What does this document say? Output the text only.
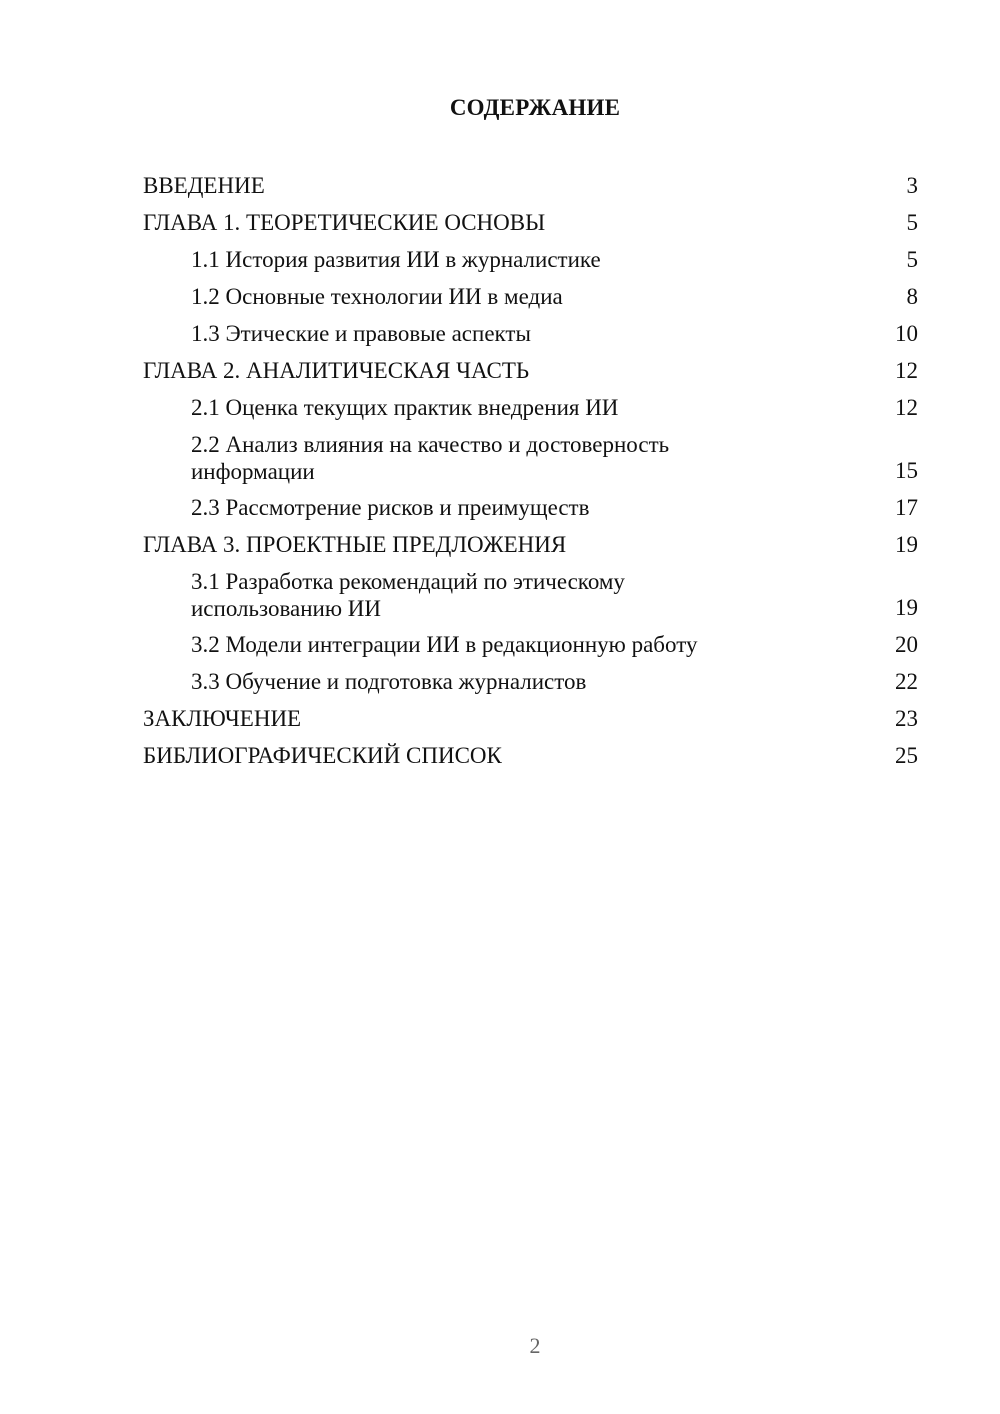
СОДЕРЖАНИЕ
ВВЕДЕНИЕ	3
ГЛАВА 1. ТЕОРЕТИЧЕСКИЕ ОСНОВЫ	5
1.1 История развития ИИ в журналистике	5
1.2 Основные технологии ИИ в медиа	8
1.3 Этические и правовые аспекты	10
ГЛАВА 2. АНАЛИТИЧЕСКАЯ ЧАСТЬ	12
2.1 Оценка текущих практик внедрения ИИ	12
2.2 Анализ влияния на качество и достоверность информации	15
2.3 Рассмотрение рисков и преимуществ	17
ГЛАВА 3. ПРОЕКТНЫЕ ПРЕДЛОЖЕНИЯ	19
3.1 Разработка рекомендаций по этическому использованию ИИ	19
3.2 Модели интеграции ИИ в редакционную работу	20
3.3 Обучение и подготовка журналистов	22
ЗАКЛЮЧЕНИЕ	23
БИБЛИОГРАФИЧЕСКИЙ СПИСОК	25
2
